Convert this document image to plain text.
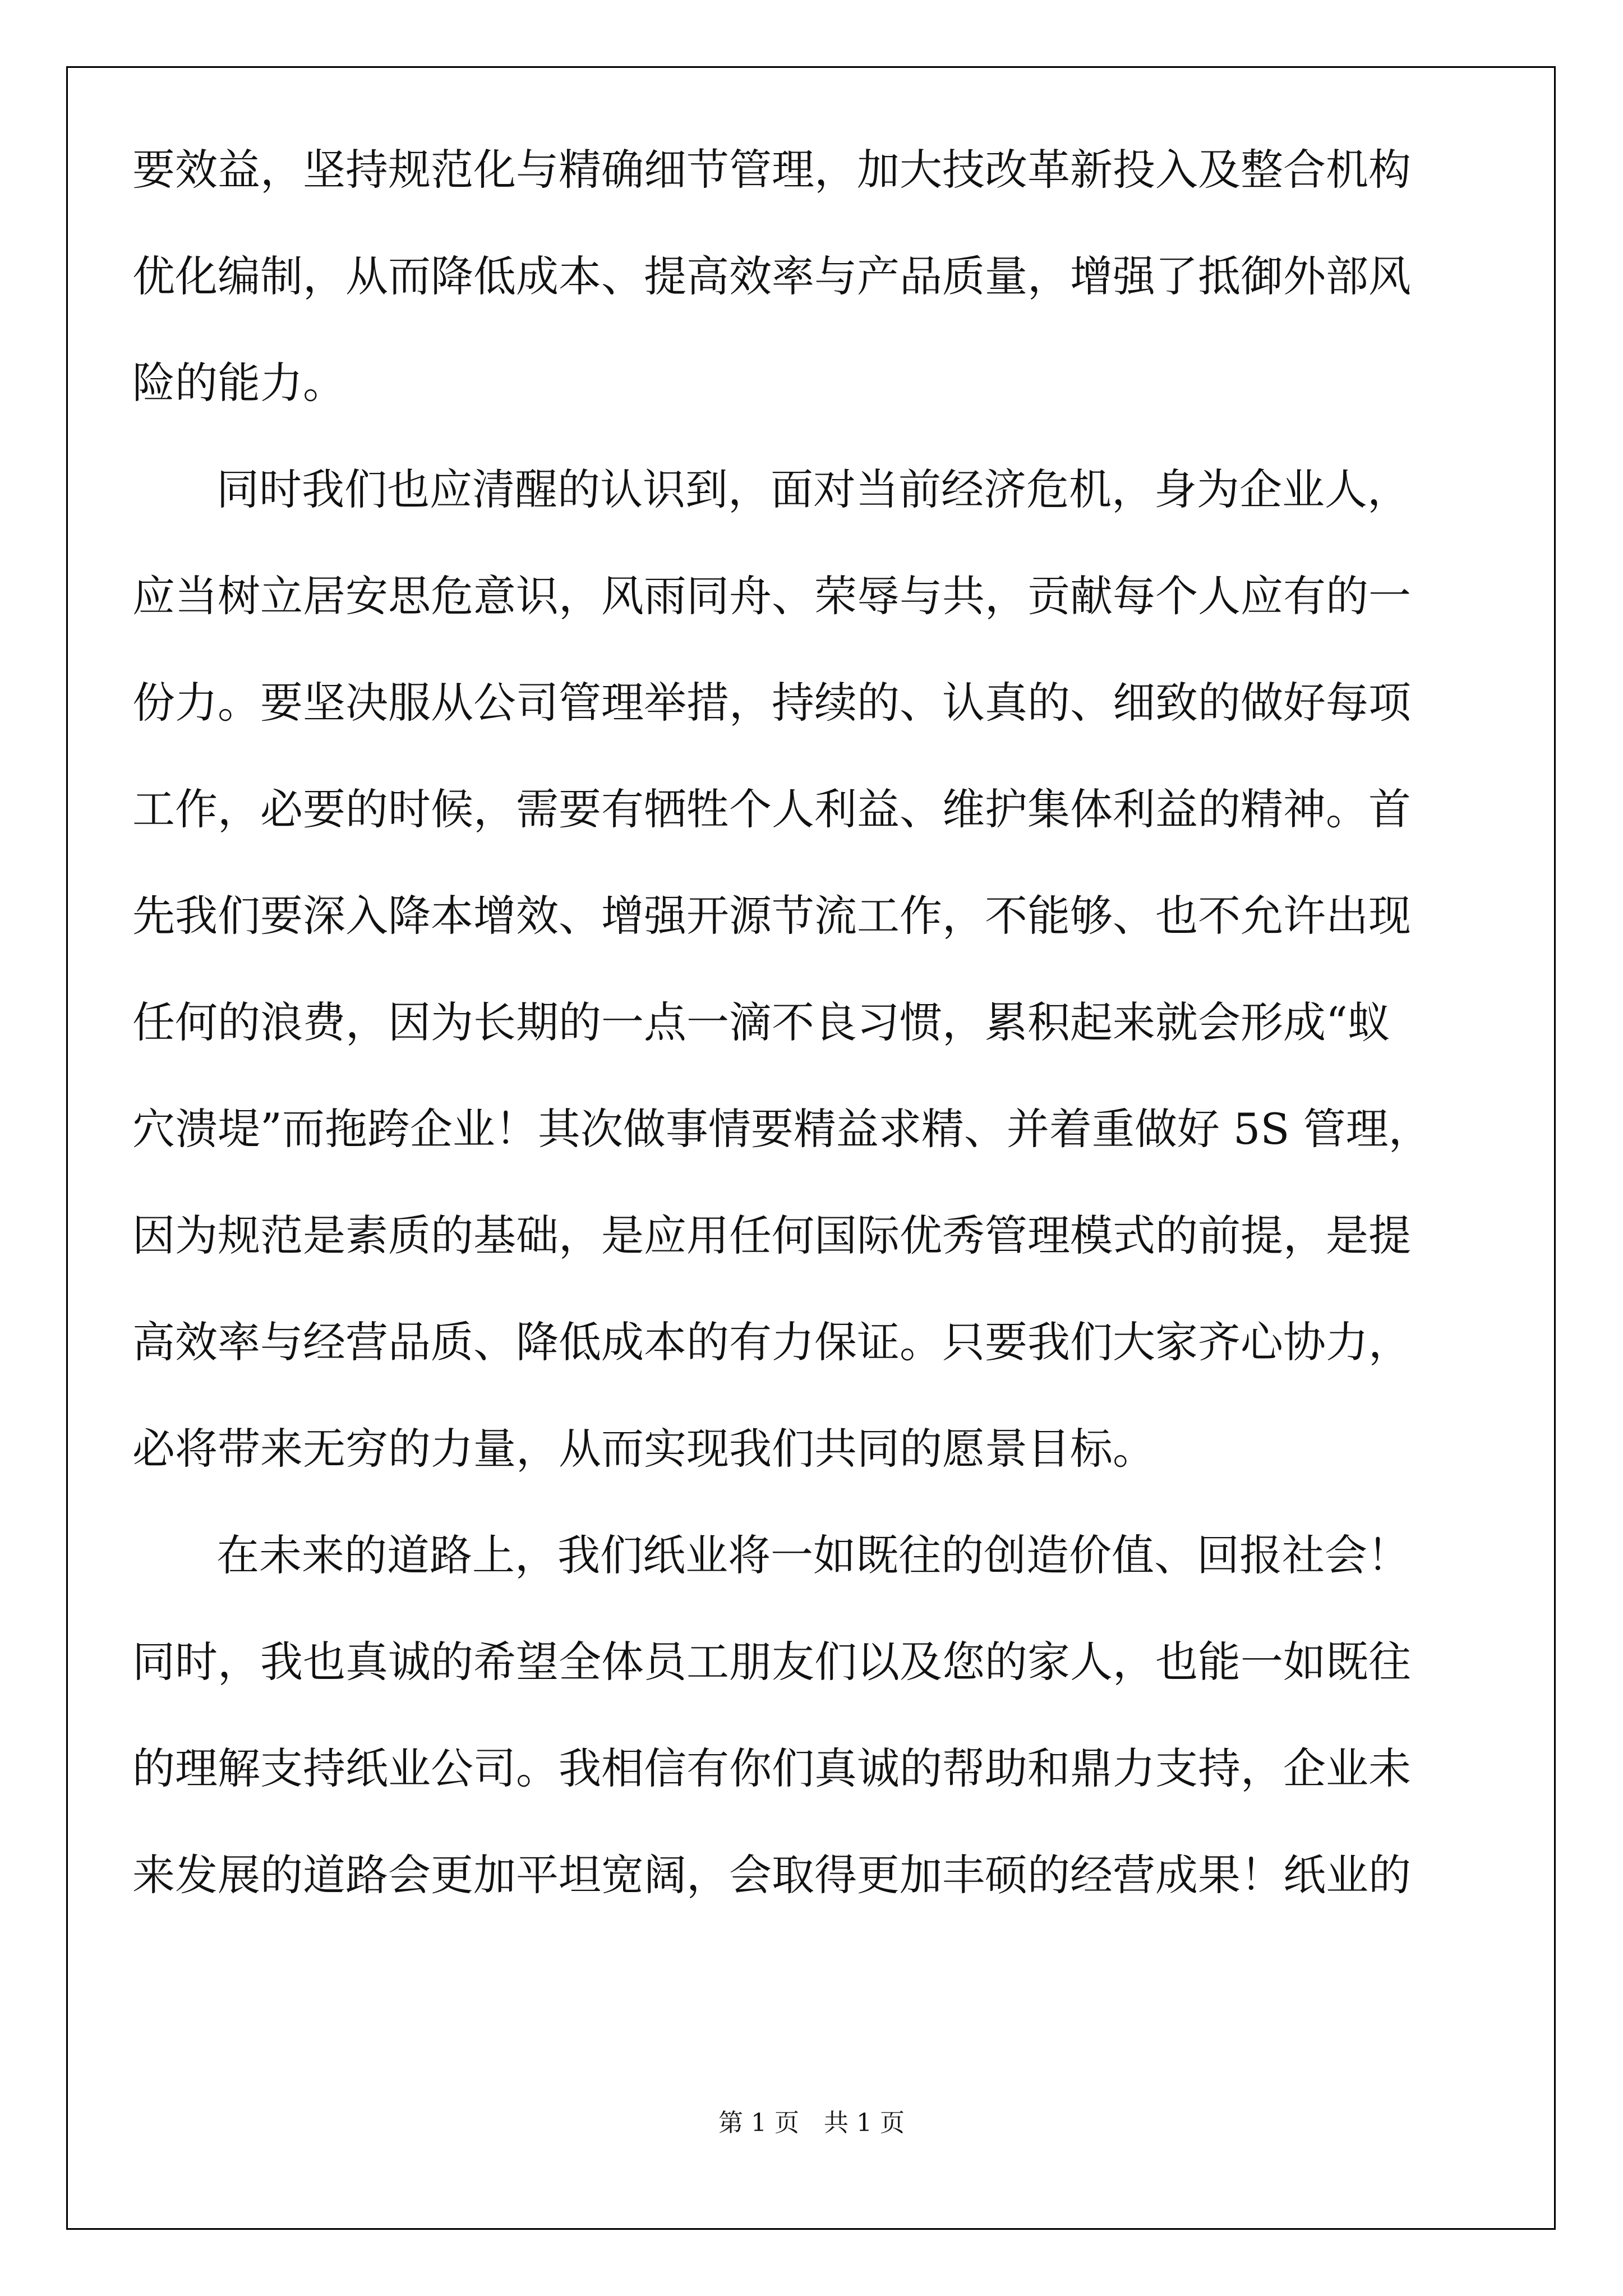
要效益，坚持规范化与精确细节管理，加大技改革新投入及整合机构
优化编制，从而降低成本、提高效率与产品质量，增强了抵御外部风
险的能力。
同时我们也应清醒的认识到，面对当前经济危机，身为企业人，
应当树立居安思危意识，风雨同舟、荣辱与共，贡献每个人应有的一
份力。要坚决服从公司管理举措，持续的、认真的、细致的做好每项
工作，必要的时候，需要有牺牲个人利益、维护集体利益的精神。首
先我们要深入降本增效、增强开源节流工作，不能够、也不允许出现
任何的浪费，因为长期的一点一滴不良习惯，累积起来就会形成“蚁
穴溃堤”而拖跨企业！其次做事情要精益求精、并着重做好 5S 管理，
因为规范是素质的基础，是应用任何国际优秀管理模式的前提，是提
高效率与经营品质、降低成本的有力保证。只要我们大家齐心协力，
必将带来无穷的力量，从而实现我们共同的愿景目标。
在未来的道路上，我们纸业将一如既往的创造价值、回报社会！
同时，我也真诚的希望全体员工朋友们以及您的家人，也能一如既往
的理解支持纸业公司。我相信有你们真诚的帮助和鼎力支持，企业未
来发展的道路会更加平坦宽阔，会取得更加丰硕的经营成果！纸业的
第 1 页　共 1 页
